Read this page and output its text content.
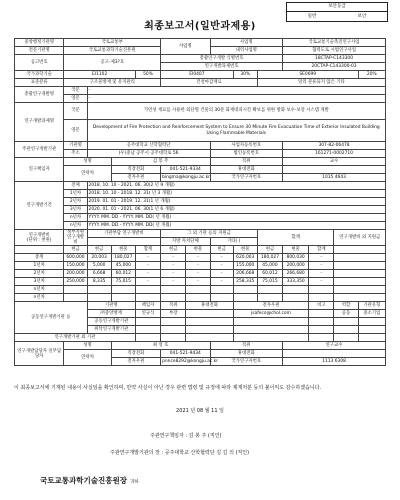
보안등급
일반	보안
최종보고서(일반과제용)
중앙행정기관명	국토교통부				사업명		사업명			국토교통기술촉진연구사업			
전문기관명	국토교통과학기술진흥원						내역사업명			협력도로 시범연구사업			
공고번호	공고-제3?호				총괄연구개발 식별번호					18CTAP-C143300			
					연구개발과제번호					20CTAP-C143300-03			
국가과학기술	EI1102			50%	EI0407			30%	SE0699				20%
표준분류	구조물방재 및 유지관리				건설마감재료				달리 분류되지 않은 기타				
총괄연구개발명	국문	-											
	영문	-											
연구개발과제명	국문	가연성 재료를 사용한 외단열 건물의 30분 화재대피시간 확보를 위한 방화 보수·보강 시스템 개발											
	영문	Development of Fire Protection and Reinforcement System to Ensure 30 Minute Fire Evacuation Time of Exterior Insulated Building Using Flammable Materials											
주관연구개발기관	기관명	공주대학교 산학협력단					사업자등록번호			307-82-06478			
	주소	(우)충남 공주시 공주대학로 56					법인등록번호			161271-0002710			
연구책임자	성명		김 봉 주				직위			교수			
	연락처		직장전화		041-521-9334		휴대전화						
			전자우편		bingma@kongju.ac.kr		국가연구자번호			1015 4643			
연구개발기간	전체	2018. 10. 10 - 2021. 06. 30(2 년 9 개월)											
	1년차	2018. 10. 10 - 2018. 12. 31( 년 3 개월)											
	2년차	2019. 01. 01 - 2019. 12. 31(1 년 개월)											
	3년차	2020. 01. 01 - 2021. 06. 30(1 년 6 개월)											
	n년차	YYYY. MM. DD - YYYY. MM. DD( 년 개월)											
	n년차	YYYY. MM. DD - YYYY. MM. DD( 년 개월)											
연구개발비
(단위 : 천원)	정부지원 연구개발비	기관부담 연구개발비			그 외 기관 등의 지원금				합계			연구개발비 외 지원금	
					지방 자치단체		기타( )						
	현금	현금	현물	합계	현금	현물	현금	현물	현금	현물	합계		
총계	600,000	20,003	180,027	-	-	-	-	620,003	180,027	800,030	-		
1년차	150,000	5,000	45,000	-	-	-	-	155,000	45,000	200,000	-		
2년차	200,000	6,668	60,012	-	-	-	-	206,668	60,012	266,680	-		
3년차	250,000	8,335	75,015	-	-	-	-	258,335	75,015	333,350	-		
n년차													
n년차													
공동연구개발기관 등		기관명		책임자	직위	휴대전화		전자우편			비고	역할	기관유형
		㈜중앙방재		연규식	부장			jsafeco@chol.com				공동	중소기업
		공동연구개발기관											
		위탁연구개발기관											
연구개발기관 외 기관													
연구개발담당자 실무담당자	성명		최 영 호				직위			연구교수			
	연락처		직장전화		041-521-9434		휴대전화						
			전자우편		pnnce8292@kongju.ac.kr		국가연구자번호			1113 6308			
이 최종보고서에 기재된 내용이 사실임을 확인하며, 만약 사실이 아닌 경우 관련 법령 및 규정에 따라 제재처분 등의 불이익도 감수하겠습니다.
2021 년 08 월 11 일
주관연구책임자 : 김 봉 주 (직인)
주관연구개발기관의 장 : 공주대학교 산학협력단 김 길 의 (직인)
국토교통과학기술진흥원장 귀하
